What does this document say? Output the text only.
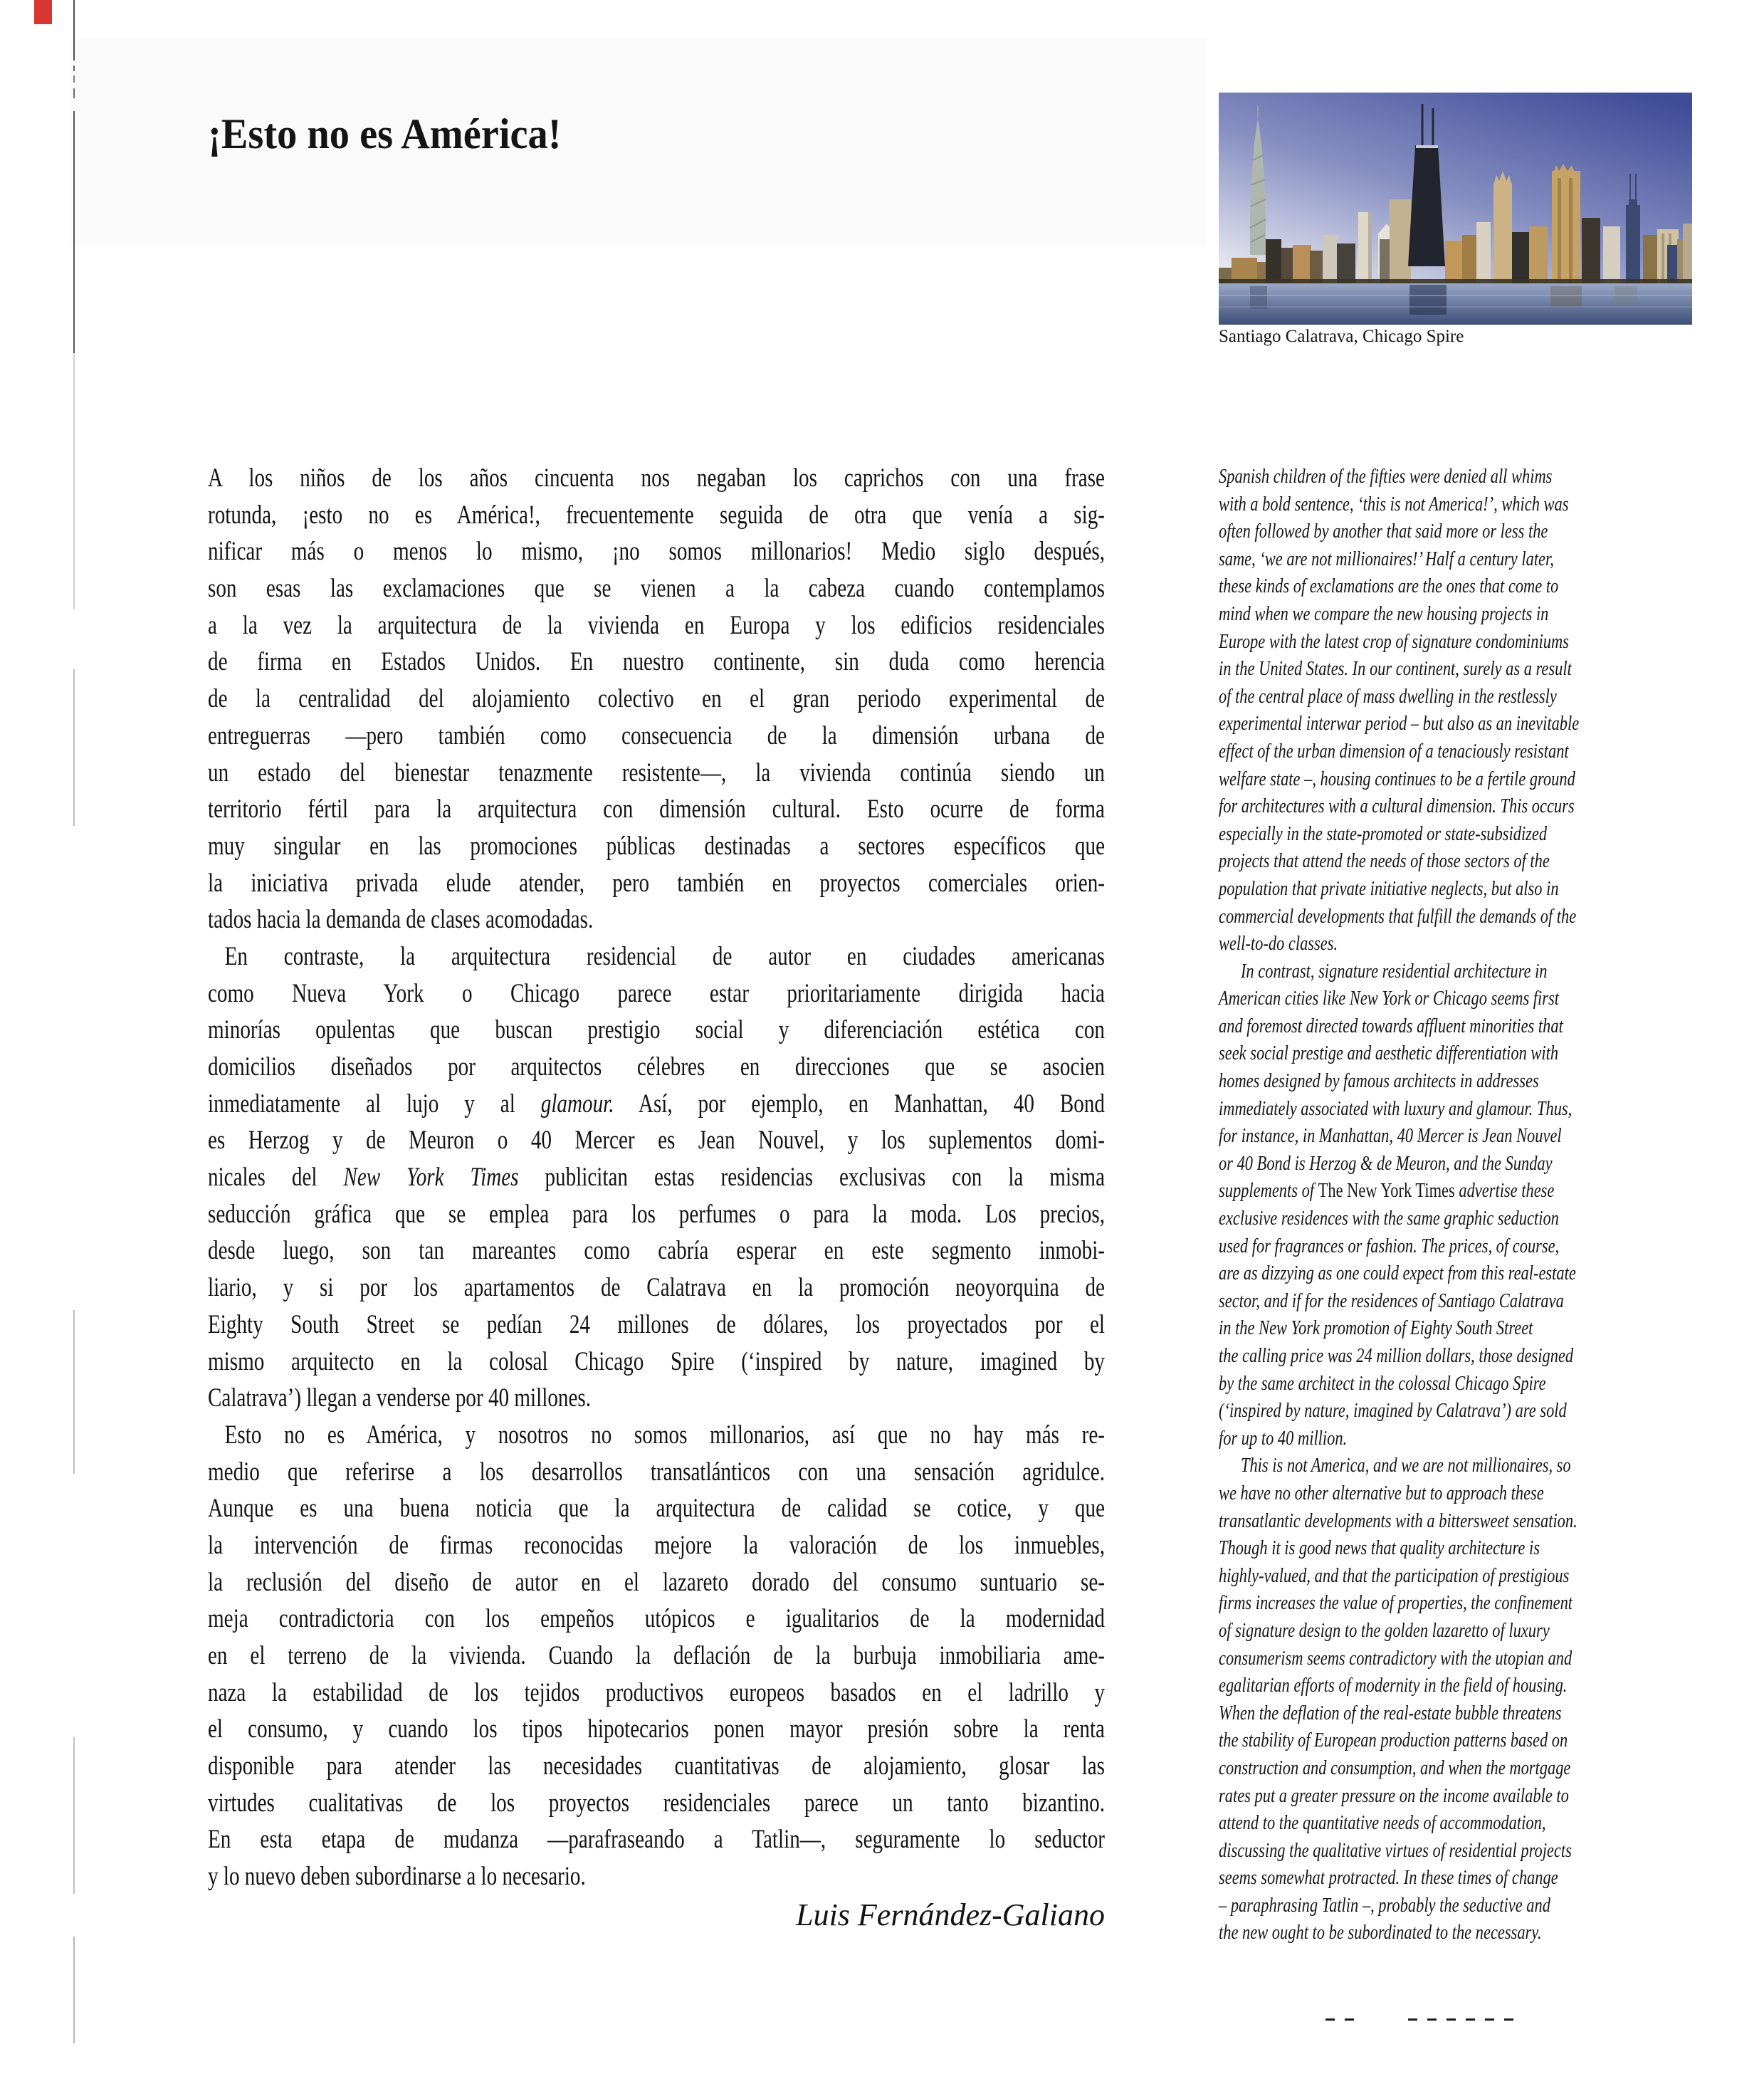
¡Esto no es América!
Santiago Calatrava, Chicago Spire
A los niños de los años cincuenta nos negaban los caprichos con una frase
rotunda, ¡esto no es América!, frecuentemente seguida de otra que venía a sig-
nificar más o menos lo mismo, ¡no somos millonarios! Medio siglo después,
son esas las exclamaciones que se vienen a la cabeza cuando contemplamos
a la vez la arquitectura de la vivienda en Europa y los edificios residenciales
de firma en Estados Unidos. En nuestro continente, sin duda como herencia
de la centralidad del alojamiento colectivo en el gran periodo experimental de
entreguerras —pero también como consecuencia de la dimensión urbana de
un estado del bienestar tenazmente resistente—, la vivienda continúa siendo un
territorio fértil para la arquitectura con dimensión cultural. Esto ocurre de forma
muy singular en las promociones públicas destinadas a sectores específicos que
la iniciativa privada elude atender, pero también en proyectos comerciales orien-
tados hacia la demanda de clases acomodadas.
En contraste, la arquitectura residencial de autor en ciudades americanas
como Nueva York o Chicago parece estar prioritariamente dirigida hacia
minorías opulentas que buscan prestigio social y diferenciación estética con
domicilios diseñados por arquitectos célebres en direcciones que se asocien
inmediatamente al lujo y al glamour. Así, por ejemplo, en Manhattan, 40 Bond
es Herzog y de Meuron o 40 Mercer es Jean Nouvel, y los suplementos domi-
nicales del New York Times publicitan estas residencias exclusivas con la misma
seducción gráfica que se emplea para los perfumes o para la moda. Los precios,
desde luego, son tan mareantes como cabría esperar en este segmento inmobi-
liario, y si por los apartamentos de Calatrava en la promoción neoyorquina de
Eighty South Street se pedían 24 millones de dólares, los proyectados por el
mismo arquitecto en la colosal Chicago Spire (‘inspired by nature, imagined by
Calatrava’) llegan a venderse por 40 millones.
Esto no es América, y nosotros no somos millonarios, así que no hay más re-
medio que referirse a los desarrollos transatlánticos con una sensación agridulce.
Aunque es una buena noticia que la arquitectura de calidad se cotice, y que
la intervención de firmas reconocidas mejore la valoración de los inmuebles,
la reclusión del diseño de autor en el lazareto dorado del consumo suntuario se-
meja contradictoria con los empeños utópicos e igualitarios de la modernidad
en el terreno de la vivienda. Cuando la deflación de la burbuja inmobiliaria ame-
naza la estabilidad de los tejidos productivos europeos basados en el ladrillo y
el consumo, y cuando los tipos hipotecarios ponen mayor presión sobre la renta
disponible para atender las necesidades cuantitativas de alojamiento, glosar las
virtudes cualitativas de los proyectos residenciales parece un tanto bizantino.
En esta etapa de mudanza —parafraseando a Tatlin—, seguramente lo seductor
y lo nuevo deben subordinarse a lo necesario.
Spanish children of the fifties were denied all whims
with a bold sentence, ‘this is not America!’, which was
often followed by another that said more or less the
same, ‘we are not millionaires!’ Half a century later,
these kinds of exclamations are the ones that come to
mind when we compare the new housing projects in
Europe with the latest crop of signature condominiums
in the United States. In our continent, surely as a result
of the central place of mass dwelling in the restlessly
experimental interwar period – but also as an inevitable
effect of the urban dimension of a tenaciously resistant
welfare state –, housing continues to be a fertile ground
for architectures with a cultural dimension. This occurs
especially in the state-promoted or state-subsidized
projects that attend the needs of those sectors of the
population that private initiative neglects, but also in
commercial developments that fulfill the demands of the
well-to-do classes.
In contrast, signature residential architecture in
American cities like New York or Chicago seems first
and foremost directed towards affluent minorities that
seek social prestige and aesthetic differentiation with
homes designed by famous architects in addresses
immediately associated with luxury and glamour. Thus,
for instance, in Manhattan, 40 Mercer is Jean Nouvel
or 40 Bond is Herzog & de Meuron, and the Sunday
supplements of The New York Times advertise these
exclusive residences with the same graphic seduction
used for fragrances or fashion. The prices, of course,
are as dizzying as one could expect from this real-estate
sector, and if for the residences of Santiago Calatrava
in the New York promotion of Eighty South Street
the calling price was 24 million dollars, those designed
by the same architect in the colossal Chicago Spire
(‘inspired by nature, imagined by Calatrava’) are sold
for up to 40 million.
This is not America, and we are not millionaires, so
we have no other alternative but to approach these
transatlantic developments with a bittersweet sensation.
Though it is good news that quality architecture is
highly-valued, and that the participation of prestigious
firms increases the value of properties, the confinement
of signature design to the golden lazaretto of luxury
consumerism seems contradictory with the utopian and
egalitarian efforts of modernity in the field of housing.
When the deflation of the real-estate bubble threatens
the stability of European production patterns based on
construction and consumption, and when the mortgage
rates put a greater pressure on the income available to
attend to the quantitative needs of accommodation,
discussing the qualitative virtues of residential projects
seems somewhat protracted. In these times of change
– paraphrasing Tatlin –, probably the seductive and
the new ought to be subordinated to the necessary.
Luis Fernández-Galiano
